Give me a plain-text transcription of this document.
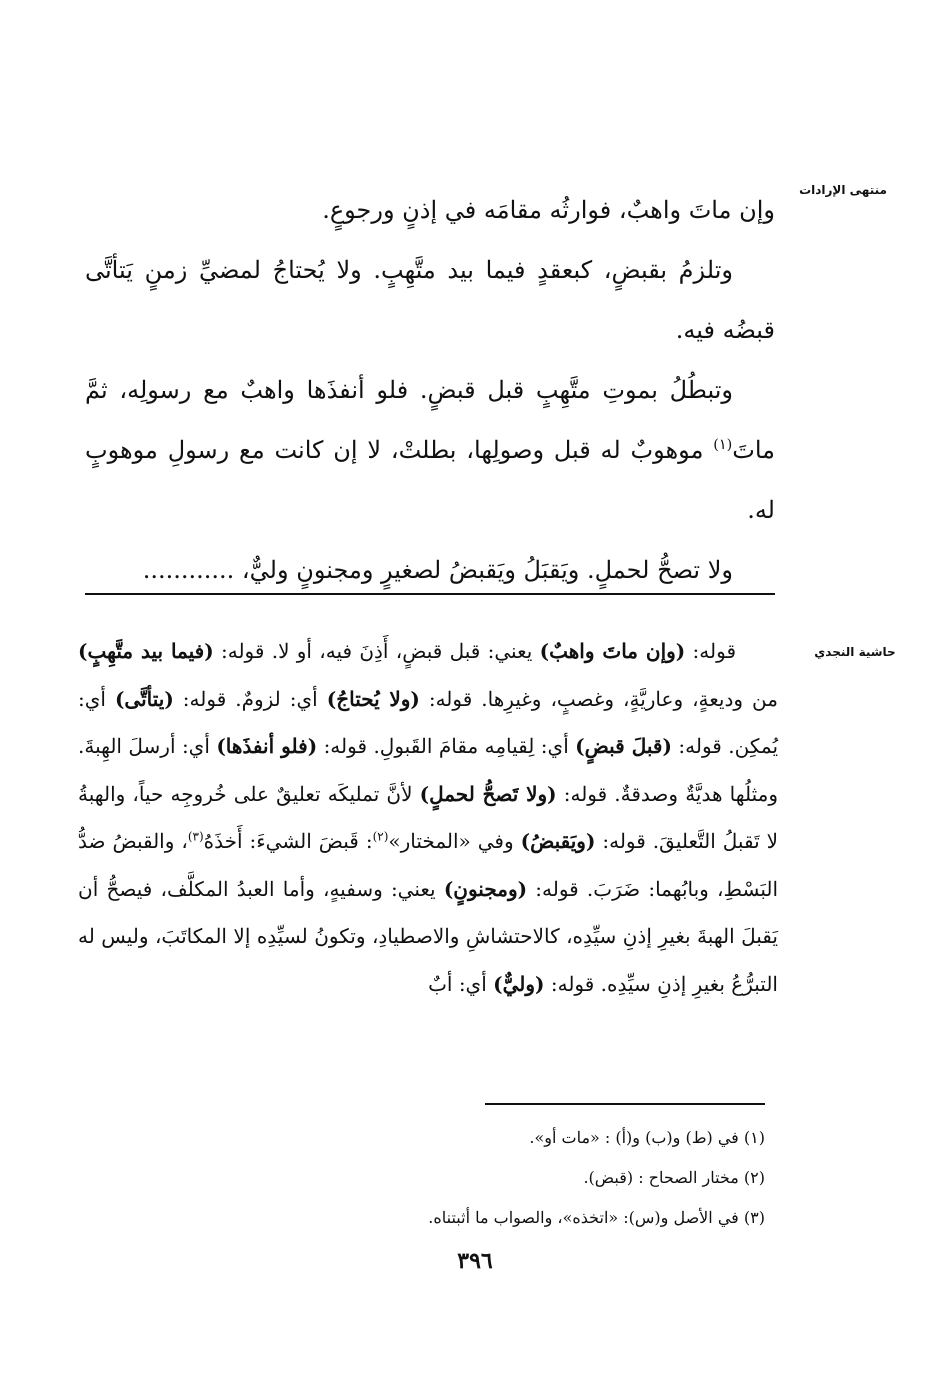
منتهى الإرادات

وإن ماتَ واهبٌ، فوارثُه مقامَه في إذنٍ ورجوعٍ.

وتلزمُ بقبضٍ، كبعقدٍ فيما بيد متَّهِبٍ. ولا يُحتاجُ لمضيِّ زمنٍ يَتأتَّى قبضُه فيه.

وتبطُلُ بموتِ متَّهِبٍ قبل قبضٍ. فلو أنفذَها واهبٌ مع رسولِه، ثمَّ ماتَ$^{(١)}$ موهوبٌ له قبل وصولِها، بطلتْ، لا إن كانت مع رسولِ موهوبٍ له.

ولا تصحُّ لحملٍ. ويَقبَلُ ويَقبضُ لصغيرٍ ومجنونٍ وليٌّ، ............

حاشية النجدي

قوله: (وإن ماتَ واهبٌ) يعني: قبل قبضٍ، أَذِنَ فيه، أو لا. قوله: (فيما بيد متَّهِبٍ) من وديعةٍ، وعاريَّةٍ، وغصبٍ، وغيرِها. قوله: (ولا يُحتاجُ) أي: لزومٌ. قوله: (يتأتَّى) أي: يُمكِن. قوله: (قبلَ قبضٍ) أي: لِقيامِه مقامَ القَبولِ. قوله: (فلو أنفذَها) أي: أرسلَ الهِبةَ. ومثلُها هديَّةٌ وصدقةٌ. قوله: (ولا تَصحُّ لحملٍ) لأنَّ تمليكَه تعليقٌ على خُروجِه حياً، والهبةُ لا تَقبلُ التَّعليقَ. قوله: (ويَقبضُ) وفي «المختار»$^{(٢)}$: قَبضَ الشيءَ: أَخذَهُ$^{(٣)}$، والقبضُ ضدُّ البَسْطِ، وبابُهما: ضَرَبَ. قوله: (ومجنونٍ) يعني: وسفيهٍ، وأما العبدُ المكلَّف، فيصحُّ أن يَقبلَ الهبةَ بغيرِ إذنِ سيِّدِه، كالاحتشاشِ والاصطيادِ، وتكونُ لسيِّدِه إلا المكاتَبَ، وليس له التبرُّعُ بغيرِ إذنِ سيِّدِه. قوله: (وليٌّ) أي: أبٌ

(١) في (ط) و(ب) و(أ) : «مات أو».
(٢) مختار الصحاح : (قبض).
(٣) في الأصل و(س): «اتخذه»، والصواب ما أثبتناه.
٣٩٦
